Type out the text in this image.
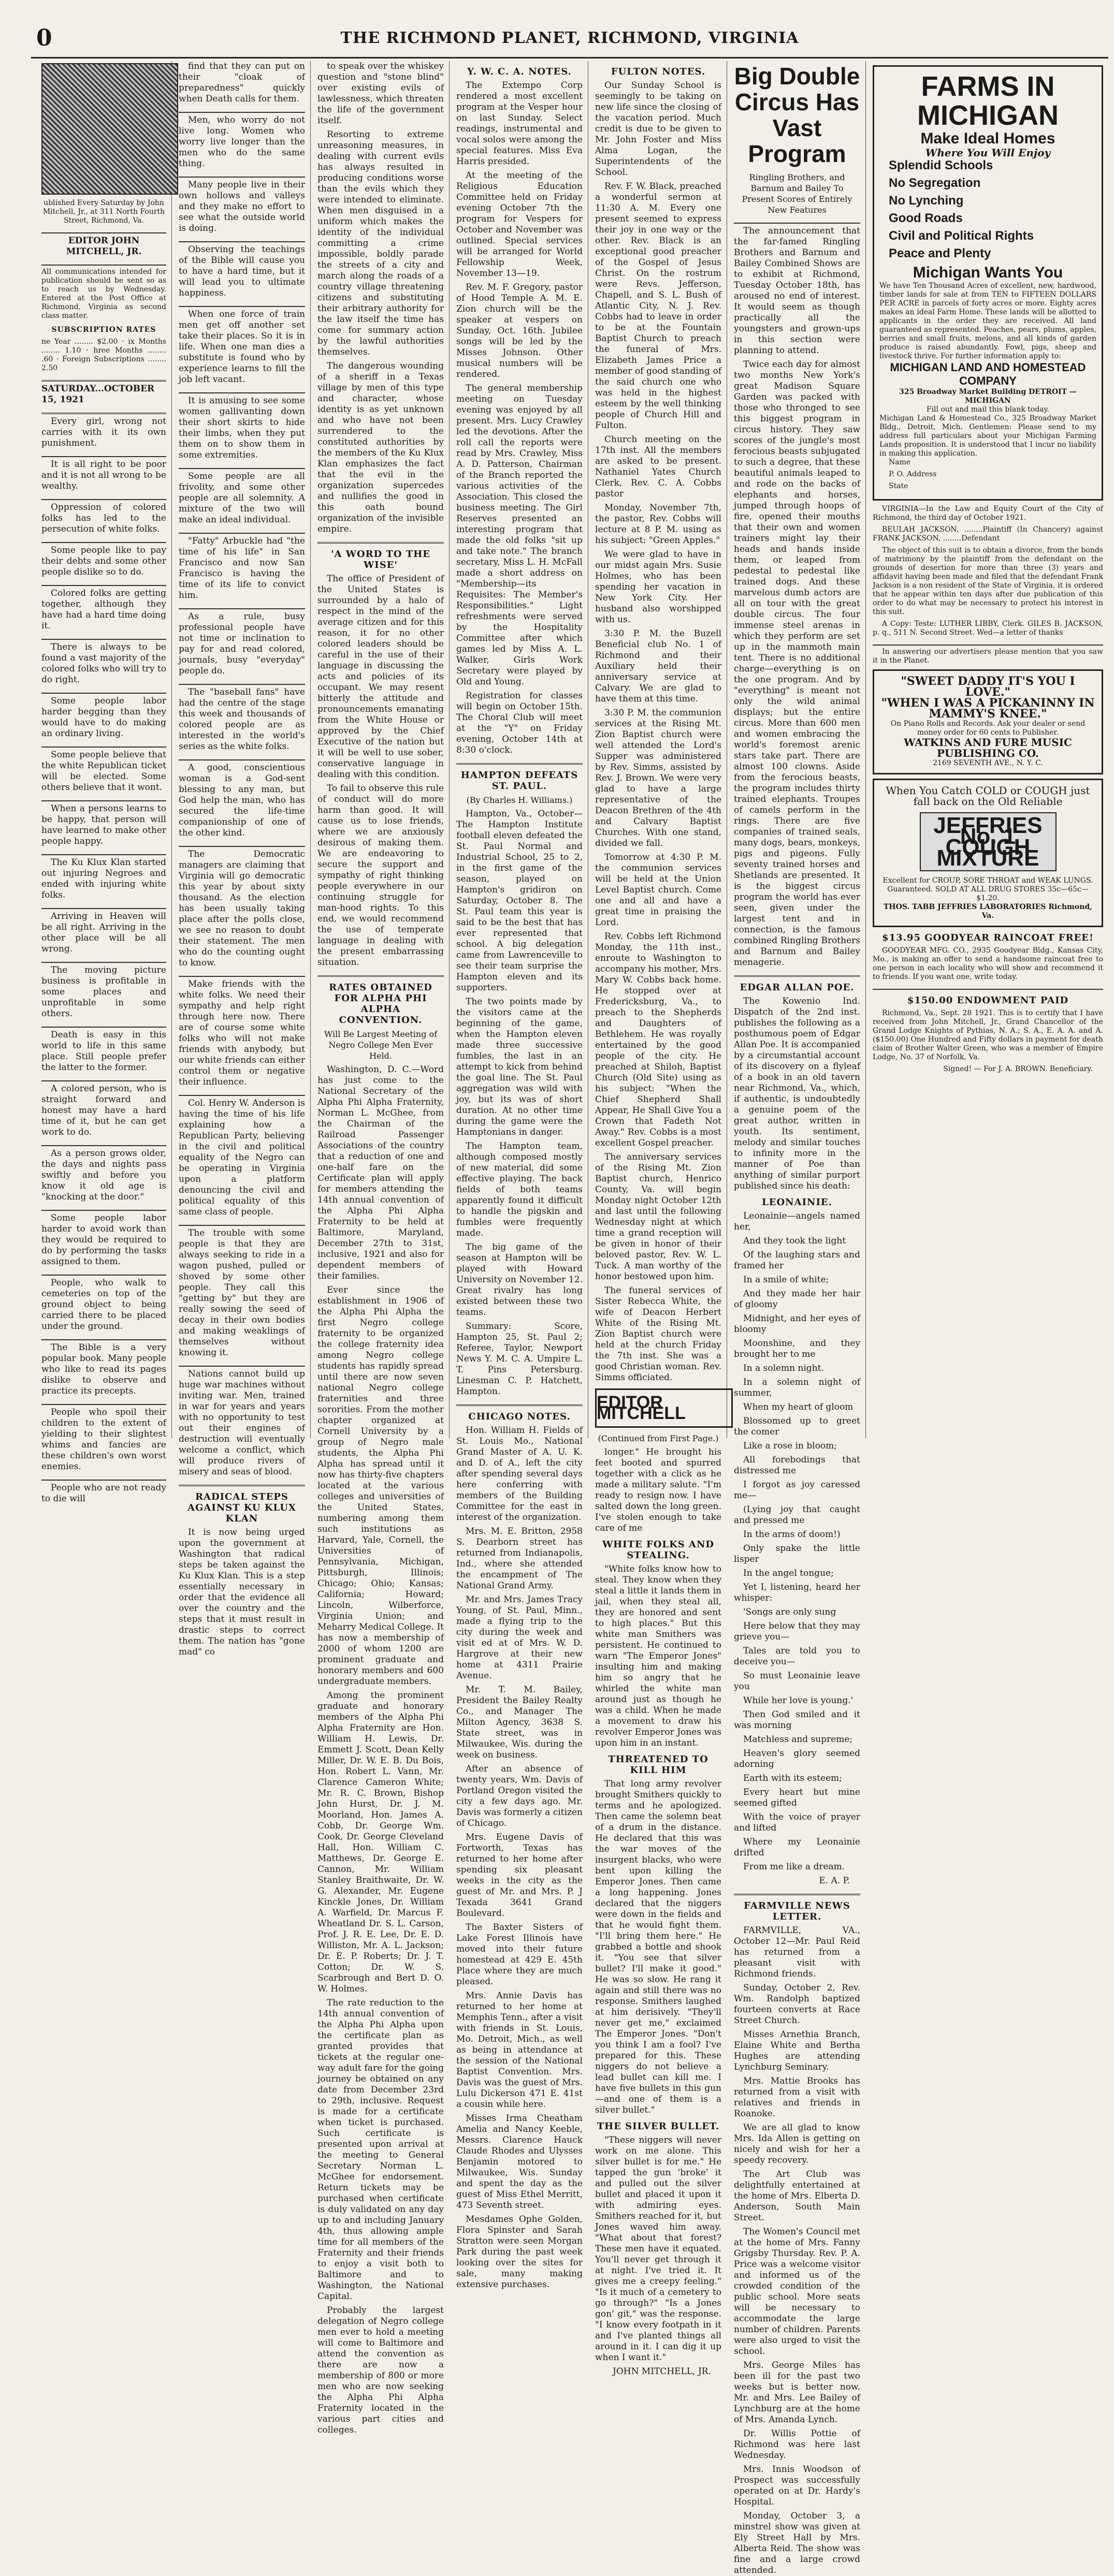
0	THE RICHMOND PLANET, RICHMOND, VIRGINIA
ublished Every Saturday by John Mitchell, Jr., at 311 North Fourth Street, Richmond, Va.
EDITOR JOHN MITCHELL, JR.
All communications intended for publication should be sent so as to reach us by Wednesday. Entered at the Post Office at Richmond, Virginia as second class matter.
SUBSCRIPTION RATES
ne Year ........ $2.00 · ix Months ........ 1.10 · hree Months ........ .60 · Foreign Subscriptions ........ 2.50
SATURDAY...OCTOBER 15, 1921

Every girl, wrong not carries with it its own punishment.

It is all right to be poor and it is not all wrong to be wealthy.

Oppression of colored folks has led to the persecution of white folks.

Some people like to pay their debts and some other people dislike so to do.

Colored folks are getting together, although they have had a hard time doing it.

There is always to be found a vast majority of the colored folks who will try to do right.

Some people labor harder begging than they would have to do making an ordinary living.

Some people believe that the white Republican ticket will be elected. Some others believe that it wont.

When a persons learns to be happy, that person will have learned to make other people happy.

The Ku Klux Klan started out injuring Negroes and ended with injuring white folks.

Arriving in Heaven will be all right. Arriving in the other place will be all wrong.

The moving picture business is profitable in some places and unprofitable in some others.

Death is easy in this world to life in this same place. Still people prefer the latter to the former.

A colored person, who is straight forward and honest may have a hard time of it, but he can get work to do.

As a person grows older, the days and nights pass swiftly and before you know it old age is "knocking at the door."

Some people labor harder to avoid work than they would be required to do by performing the tasks assigned to them.

People, who walk to cemeteries on top of the ground object to being carried there to be placed under the ground.

The Bible is a very popular book. Many people who like to read its pages dislike to observe and practice its precepts.

People who spoil their children to the extent of yielding to their slightest whims and fancies are these children's own worst enemies.

People who are not ready to die will

find that they can put on their "cloak of preparedness" quickly when Death calls for them.

Men, who worry do not live long. Women who worry live longer than the men who do the same thing.

Many people live in their own hollows and valleys and they make no effort to see what the outside world is doing.

Observing the teachings of the Bible will cause you to have a hard time, but it will lead you to ultimate happiness.

When one force of train men get off another set take their places. So it is in life. When one man dies a substitute is found who by experience learns to fill the job left vacant.

It is amusing to see some women gallivanting down their short skirts to hide their limbs, when they put them on to show them in some extremities.

Some people are all frivolity, and some other people are all solemnity. A mixture of the two will make an ideal individual.

"Fatty" Arbuckle had "the time of his life" in San Francisco and now San Francisco is having the time of its life to convict him.

As a rule, busy professional people have not time or inclination to pay for and read colored, journals, busy "everyday" people do.

The "baseball fans" have had the centre of the stage this week and thousands of colored people are as interested in the world's series as the white folks.

A good, conscientious woman is a God-sent blessing to any man, but God help the man, who has secured the life-time companionship of one of the other kind.

The Democratic managers are claiming that Virginia will go democratic this year by about sixty thousand. As the election has been usually taking place after the polls close, we see no reason to doubt their statement. The men who do the counting ought to know.

Make friends with the white folks. We need their sympathy and help right through here now. There are of course some white folks who will not make friends with anybody, but our white friends can either control them or negative their influence.

Col. Henry W. Anderson is having the time of his life explaining how a Republican Party, believing in the civil and political equality of the Negro can be operating in Virginia upon a platform denouncing the civil and political equality of this same class of people.

The trouble with some people is that they are always seeking to ride in a wagon pushed, pulled or shoved by some other people. They call this "getting by" but they are really sowing the seed of decay in their own bodies and making weaklings of themselves without knowing it.

Nations cannot build up huge war machines without inviting war. Men, trained in war for years and years with no opportunity to test out their engines of destruction will eventually welcome a conflict, which will produce rivers of misery and seas of blood.

RADICAL STEPS AGAINST KU KLUX KLAN

It is now being urged upon the government at Washington that radical steps be taken against the Ku Klux Klan. This is a step essentially necessary in order that the evidence all over the country and the steps that it must result in drastic steps to correct them. The nation has "gone mad" co

to speak over the whiskey question and "stone blind" over existing evils of lawlessness, which threaten the life of the government itself.

Resorting to extreme unreasoning measures, in dealing with current evils has always resulted in producing conditions worse than the evils which they were intended to eliminate. When men disguised in a uniform which makes the identity of the individual committing a crime impossible, boldly parade the streets of a city and march along the roads of a country village threatening citizens and substituting their arbitrary authority for the law itself the time has come for summary action by the lawful authorities themselves.

The dangerous wounding of a sheriff in a Texas village by men of this type and character, whose identity is as yet unknown and who have not been surrendered to the constituted authorities by the members of the Ku Klux Klan emphasizes the fact that the evil in the organization supercedes and nullifies the good in this oath bound organization of the invisible empire.

'A WORD TO THE WISE'

The office of President of the United States is surrounded by a halo of respect in the mind of the average citizen and for this reason, it for no other colored leaders should be careful in the use of their language in discussing the acts and policies of its occupant. We may resent bitterly the attitude and pronouncements emanating from the White House or approved by the Chief Executive of the nation but it will be well to use sober, conservative language in dealing with this condition.

To fail to observe this rule of conduct will do more harm than good. It will cause us to lose friends, where we are anxiously desirous of making them. We are endeavoring to secure the support and sympathy of right thinking people everywhere in our continuing struggle for man-hood rights. To this end, we would recommend the use of temperate language in dealing with the present embarrassing situation.

RATES OBTAINED FOR ALPHA PHI ALPHA CONVENTION.
Will Be Largest Meeting of Negro College Men Ever Held.

Washington, D. C.—Word has just come to the National Secretary of the Alpha Phi Alpha Fraternity, Norman L. McGhee, from the Chairman of the Railroad Passenger Associations of the country that a reduction of one and one-half fare on the Certificate plan will apply for members attending the 14th annual convention of the Alpha Phi Alpha Fraternity to be held at Baltimore, Maryland, December 27th to 31st, inclusive, 1921 and also for dependent members of their families.

Ever since the establishment in 1906 of the Alpha Phi Alpha the first Negro college fraternity to be organized the college fraternity idea among Negro college students has rapidly spread until there are now seven national Negro college fraternities and three sororities. From the mother chapter organized at Cornell University by a group of Negro male students, the Alpha Phi Alpha has spread until it now has thirty-five chapters located at the various colleges and universities of the United States, numbering among them such institutions as Harvard, Yale, Cornell, the Universities of Pennsylvania, Michigan, Pittsburgh, Illinois; Chicago; Ohio; Kansas; California; Howard; Lincoln, Wilberforce, Virginia Union; and Meharry Medical College. It has now a membership of 2000 of whom 1200 are prominent graduate and honorary members and 600 undergraduate members.

Among the prominent graduate and honorary members of the Alpha Phi Alpha Fraternity are Hon. William H. Lewis, Dr. Emmett J. Scott, Dean Kelly Miller, Dr. W. E. B. Du Bois, Hon. Robert L. Vann, Mr. Clarence Cameron White; Mr. R. C. Brown, Bishop John Hurst, Dr. J. M. Moorland, Hon. James A. Cobb, Dr. George Wm. Cook, Dr. George Cleveland Hall, Hon. William C. Matthews, Dr. George E. Cannon, Mr. William Stanley Braithwaite, Dr. W. G. Alexander, Mr. Eugene Kinckle Jones, Dr. William A. Warfield, Dr. Marcus F. Wheatland Dr. S. L. Carson, Prof. J. R. E. Lee, Dr. E. D. Williston, Mr. A. L. Jackson; Dr. E. P. Roberts; Dr. J. T. Cotton; Dr. W. S. Scarbrough and Bert D. O. W. Holmes.

The rate reduction to the 14th annual convention of the Alpha Phi Alpha upon the certificate plan as granted provides that tickets at the regular one-way adult fare for the going journey be obtained on any date from December 23rd to 29th, inclusive. Request is made for a certificate when ticket is purchased. Such certificate is presented upon arrival at the meeting to General Secretary Norman L. McGhee for endorsement. Return tickets may be purchased when certificate is duly validated on any day up to and including January 4th, thus allowing ample time for all members of the Fraternity and their friends to enjoy a visit both to Baltimore and to Washington, the National Capital.

Probably the largest delegation of Negro college men ever to hold a meeting will come to Baltimore and attend the convention as there are now a membership of 800 or more men who are now seeking the Alpha Phi Alpha Fraternity located in the various part cities and colleges.

Y. W. C. A. NOTES.

The Extempo Corp rendered a most excellent program at the Vesper hour on last Sunday. Select readings, instrumental and vocal solos were among the special features. Miss Eva Harris presided.

At the meeting of the Religious Education Committee held on Friday evening October 7th the program for Vespers for October and November was outlined. Special services will be arranged for World Fellowship Week, November 13—19.

Rev. M. F. Gregory, pastor of Hood Temple A. M. E. Zion church will be the speaker at vespers on Sunday, Oct. 16th. Jubilee songs will be led by the Misses Johnson. Other musical numbers will be rendered.

The general membership meeting on Tuesday evening was enjoyed by all present. Mrs. Lucy Crawley led the devotions. After the roll call the reports were read by Mrs. Crawley, Miss A. D. Patterson, Chairman of the Branch reported the various activities of the Association. This closed the business meeting. The Girl Reserves presented an interesting program that made the old folks "sit up and take note." The branch secretary, Miss L. H. McFall made a short address on "Membership—its Requisites: The Member's Responsibilities." Light refreshments were served by the Hospitality Committee after which games led by Miss A. L. Walker, Girls Work Secretary were played by Old and Young.

Registration for classes will begin on October 15th. The Choral Club will meet at the "Y" on Friday evening, October 14th at 8:30 o'clock.

HAMPTON DEFEATS ST. PAUL.
(By Charles H. Williams.)

Hampton, Va., October—The Hampton Institute football eleven defeated the St. Paul Normal and Industrial School, 25 to 2, in the first game of the season, played on Hampton's gridiron on Saturday, October 8. The St. Paul team this year is said to be the best that has ever represented that school. A big delegation came from Lawrenceville to see their team surprise the Hampton eleven and its supporters.

The two points made by the visitors came at the beginning of the game, when the Hampton eleven made three successive fumbles, the last in an attempt to kick from behind the goal line. The St. Paul aggregation was wild with joy, but its was of short duration. At no other time during the game were the Hamptonians in danger.

The Hampton team, although composed mostly of new material, did some effective playing. The back fields of both teams apparently found it difficult to handle the pigskin and fumbles were frequently made.

The big game of the season at Hampton will be played with Howard University on November 12. Great rivalry has long existed between these two teams.

Summary: Score, Hampton 25, St. Paul 2; Referee, Taylor, Newport News Y. M. C. A. Umpire L. T. Pins Petersburg. Linesman C. P. Hatchett, Hampton.

CHICAGO NOTES.

Hon. William H. Fields of St. Louis Mo., National Grand Master of A. U. K. and D. of A., left the city after spending several days here conferring with members of the Building Committee for the east in interest of the organization.

Mrs. M. E. Britton, 2958 S. Dearborn street has returned from Indianapolis, Ind., where she attended the encampment of The National Grand Army.

Mr. and Mrs. James Tracy Young, of St. Paul, Minn., made a flying trip to the city during the week and visit ed at of Mrs. W. D. Hargrove at their new home at 4311 Prairie Avenue.

Mr. T. M. Bailey, President the Bailey Realty Co., and Manager The Milton Agency, 3638 S. State street, was in Milwaukee, Wis. during the week on business.

After an absence of twenty years, Wm. Davis of Portland Oregon visited the city a few days ago. Mr. Davis was formerly a citizen of Chicago.

Mrs. Eugene Davis of Fortworth, Texas has returned to her home after spending six pleasant weeks in the city as the guest of Mr. and Mrs. P. J Texada 3641 Grand Boulevard.

The Baxter Sisters of Lake Forest Illinois have moved into their future homestead at 429 E. 45th Place where they are much pleased.

Mrs. Annie Davis has returned to her home at Memphis Tenn., after a visit with friends in St. Louis, Mo. Detroit, Mich., as well as being in attendance at the session of the National Baptist Convention. Mrs. Davis was the guest of Mrs. Lulu Dickerson 471 E. 41st a cousin while here.

Misses Irma Cheatham Amelia and Nancy Keeble, Messrs. Clarence Hauck Claude Rhodes and Ulysses Benjamin motored to Milwaukee, Wis. Sunday and spent the day as the guest of Miss Ethel Merritt, 473 Seventh street.

Mesdames Ophe Golden, Flora Spinster and Sarah Stratton were seen Morgan Park during the past week looking over the sites for sale, many making extensive purchases.

FULTON NOTES.

Our Sunday School is seemingly to be taking on new life since the closing of the vacation period. Much credit is due to be given to Mr. John Foster and Miss Alma Logan, the Superintendents of the School.

Rev. F. W. Black, preached a wonderful sermon at 11:30 A. M. Every one present seemed to express their joy in one way or the other. Rev. Black is an exceptional good preacher of the Gospel of Jesus Christ. On the rostrum were Revs. Jefferson, Chapell, and S. L. Bush of Atlantic City, N. J. Rev. Cobbs had to leave in order to be at the Fountain Baptist Church to preach the funeral of Mrs. Elizabeth James Price a member of good standing of the said church one who was held in the highest esteem by the well thinking people of Church Hill and Fulton.

Church meeting on the 17th inst. All the members are asked to be present. Nathaniel Yates Church Clerk, Rev. C. A. Cobbs pastor

Monday, November 7th, the pastor, Rev. Cobbs will lecture at 8 P. M. using as his subject: "Green Apples."

We were glad to have in our midst again Mrs. Susie Holmes, who has been spending her vacation in New York City. Her husband also worshipped with us.

3:30 P. M. the Buzell Beneficial club No. 1 of Richmond and their Auxiliary held their anniversary service at Calvary. We are glad to have them at this time.

3:30 P. M. the communion services at the Rising Mt. Zion Baptist church were well attended the Lord's Supper was administered by Rev. Simms, assisted by Rev. J. Brown. We were very glad to have a large representative of the Deacon Brethren of the 4th and Calvary Baptist Churches. With one stand, divided we fall.

Tomorrow at 4:30 P. M. the communion services will be held at the Union Level Baptist church. Come one and all and have a great time in praising the Lord.

Rev. Cobbs left Richmond Monday, the 11th inst., enroute to Washington to accompany his mother, Mrs. Mary W. Cobbs back home. He stopped over at Fredericksburg, Va., to preach to the Shepherds and Daughters of Bethlehem. He was royally entertained by the good people of the city. He preached at Shiloh, Baptist Church (Old Site) using as his subject: "When the Chief Shepherd Shall Appear, He Shall Give You a Crown that Fadeth Not Away." Rev. Cobbs is a most excellent Gospel preacher.

The anniversary services of the Rising Mt. Zion Baptist church, Henrico County, Va. will begin Monday night October 12th and last until the following Wednesday night at which time a grand reception will be given in honor of their beloved pastor, Rev. W. L. Tuck. A man worthy of the honor bestowed upon him.

The funeral services of Sister Rebecca White, the wife of Deacon Herbert White of the Rising Mt. Zion Baptist church were held at the church Friday the 7th inst. She was a good Christian woman. Rev. Simms officiated.

EDITOR MITCHELL
(Continued from First Page.)

longer." He brought his feet booted and spurred together with a click as he made a military salute. "I'm ready to resign now. I have salted down the long green. I've stolen enough to take care of me

WHITE FOLKS AND STEALING.

"White folks know how to steal. They know when they steal a little it lands them in jail, when they steal all, they are honored and sent to high places." But this white man Smithers was persistent. He continued to warn "The Emperor Jones" insulting him and making him so angry that he whirled the white man around just as though he was a child. When he made a movement to draw his revolver Emperor Jones was upon him in an instant.

THREATENED TO KILL HIM

That long army revolver brought Smithers quickly to terms and he apologized. Then came the solemn beat of a drum in the distance. He declared that this was the war moves of the insurgent blacks, who were bent upon killing the Emperor Jones. Then came a long happening. Jones declared that the niggers were down in the fields and that he would fight them. "I'll bring them here." He grabbed a bottle and shook it. "You see that silver bullet? I'll make it good." He was so slow. He rang it again and still there was no response. Smithers laughed at him derisively. "They'll never get me," exclaimed The Emperor Jones. "Don't you think I am a fool? I've prepared for this. These niggers do not believe a lead bullet can kill me. I have five bullets in this gun—and one of them is a silver bullet."

THE SILVER BULLET.

"These niggers will never work on me alone. This silver bullet is for me." He tapped the gun 'broke' it and pulled out the silver bullet and placed it upon it with admiring eyes. Smithers reached for it, but Jones waved him away. "What about that forest? These men have it equated. You'll never get through it at night. I've tried it. It gives me a creepy feeling." "Is it much of a cemetery to go through?" "Is a Jones gon' git," was the response. "I know every footpath in it and I've planted things all around in it. I can dig it up when I want it."

JOHN MITCHELL, JR.
Big Double Circus Has Vast Program
Ringling Brothers, and Barnum and Bailey To Present Scores of Entirely New Features

The announcement that the far-famed Ringling Brothers and Barnum and Bailey Combined Shows are to exhibit at Richmond, Tuesday October 18th, has aroused no end of interest. It would seem as though practically all the youngsters and grown-ups in this section were planning to attend.

Twice each day for almost two months New York's great Madison Square Garden was packed with those who thronged to see this biggest program in circus history. They saw scores of the jungle's most ferocious beasts subjugated to such a degree, that these beautiful animals leaped to and rode on the backs of elephants and horses, jumped through hoops of fire, opened their mouths that their own and women trainers might lay their heads and hands inside them, or leaped from pedestal to pedestal like trained dogs. And these marvelous dumb actors are all on tour with the great double circus. The four immense steel arenas in which they perform are set up in the mammoth main tent. There is no additional charge—everything is on the one program. And by "everything" is meant not only the wild animal displays; but the entire circus. More than 600 men and women embracing the world's foremost arenic stars take part. There are almost 100 clowns. Aside from the ferocious beasts, the program includes thirty trained elephants. Troupes of camels perform in the rings. There are five companies of trained seals, many dogs, bears, monkeys, pigs and pigeons. Fully seventy trained horses and Shetlands are presented. It is the biggest circus program the world has ever seen, given under the largest tent and in connection, is the famous combined Ringling Brothers and Barnum and Bailey menagerie.

EDGAR ALLAN POE.

The Kowenio Ind. Dispatch of the 2nd inst. publishes the following as a posthumous poem of Edgar Allan Poe. It is accompanied by a circumstantial account of its discovery on a flyleaf of a book in an old tavern near Richmond, Va., which, if authentic, is undoubtedly a genuine poem of the great author, written in youth. Its sentiment, melody and similar touches to infinity more in the manner of Poe than anything of similar purport published since his death:

LEONAINIE.

Leonainie—angels named her,

And they took the light

Of the laughing stars and framed her

In a smile of white;

And they made her hair of gloomy

Midnight, and her eyes of bloomy

Moonshine, and they brought her to me

In a solemn night.

In a solemn night of summer,

When my heart of gloom

Blossomed up to greet the comer

Like a rose in bloom;

All forebodings that distressed me

I forgot as joy caressed me—

(Lying joy that caught and pressed me

In the arms of doom!)

Only spake the little lisper

In the angel tongue;

Yet I, listening, heard her whisper:

'Songs are only sung

Here below that they may grieve you—

Tales are told you to deceive you—

So must Leonainie leave you

While her love is young.'

Then God smiled and it was morning

Matchless and supreme;

Heaven's glory seemed adorning

Earth with its esteem;

Every heart but mine seemed gifted

With the voice of prayer and lifted

Where my Leonainie drifted

From me like a dream.

E. A. P.
FARMVILLE NEWS LETTER.

FARMVILLE, VA., October 12—Mr. Paul Reid has returned from a pleasant visit with Richmond friends.

Sunday, October 2, Rev. Wm. Randolph baptized fourteen converts at Race Street Church.

Misses Arnethia Branch, Elaine White and Bertha Hughes are attending Lynchburg Seminary.

Mrs. Mattie Brooks has returned from a visit with relatives and friends in Roanoke.

We are all glad to know Mrs. Ida Allen is getting on nicely and wish for her a speedy recovery.

The Art Club was delightfully entertained at the home of Mrs. Elberta D. Anderson, South Main Street.

The Women's Council met at the home of Mrs. Fanny Grigsby Thursday. Rev. P. A. Price was a welcome visitor and informed us of the crowded condition of the public school. More seats will be necessary to accommodate the large number of children. Parents were also urged to visit the school.

Mrs. George Miles has been ill for the past two weeks but is better now. Mr. and Mrs. Lee Bailey of Lynchburg are at the home of Mrs. Amanda Lynch.

Dr. Willis Pottie of Richmond was here last Wednesday.

Mrs. Innis Woodson of Prospect was successfully operated on at Dr. Hardy's Hospital.

Monday, October 3, a minstrel show was given at Ely Street Hall by Mrs. Alberta Reid. The show was fine and a large crowd attended.

FARMS IN MICHIGAN
Make Ideal Homes
Where You Will Enjoy

Splendid Schools

No Segregation

No Lynching

Good Roads

Civil and Political Rights

Peace and Plenty

Michigan Wants You
We have Ten Thousand Acres of excellent, new, hardwood, timber lands for sale at from TEN to FIFTEEN DOLLARS PER ACRE in parcels of forty acres or more. Eighty acres makes an ideal Farm Home. These lands will be allotted to applicants in the order they are received. All land guaranteed as represented. Peaches, pears, plums, apples, berries and small fruits, melons, and all kinds of garden produce is raised abundantly. Fowl, pigs, sheep and livestock thrive. For further information apply to:
MICHIGAN LAND AND HOMESTEAD COMPANY
325 Broadway Market Building DETROIT — MICHIGAN
Fill out and mail this blank today.
Michigan Land & Homestead Co., 325 Broadway Market Bldg., Detroit, Mich. Gentlemen: Please send to my address full particulars about your Michigan Farming Lands proposition. It is understood that I incur no liability in making this application.

Name

P. O. Address

State

VIRGINIA—In the Law and Equity Court of the City of Richmond, the third day of October 1921.

BEULAH JACKSON, ........Plaintiff (In Chancery) against FRANK JACKSON, ........Defendant

The object of this suit is to obtain a divorce, from the bonds of matrimony by the plaintiff from the defendant on the grounds of desertion for more than three (3) years and affidavit having been made and filed that the defendant Frank Jackson is a non resident of the State of Virginia, it is ordered that he appear within ten days after due publication of this order to do what may be necessary to protect his interest in this suit.

A Copy: Teste: LUTHER LIBBY, Clerk. GILES B. JACKSON, p. q., 511 N. Second Street. Wed—a letter of thanks

In answering our advertisers please mention that you saw it in the Planet.

"SWEET DADDY IT'S YOU I LOVE."
"WHEN I WAS A PICKANINNY IN MAMMY'S KNEE."
On Piano Rolls and Records. Ask your dealer or send money order for 60 cents to Publisher.
WATKINS AND FURE MUSIC PUBLISHING CO.
2169 SEVENTH AVE., N. Y. C.
When You Catch COLD or COUGH just fall back on the Old Reliable
JEFFRIES No. 1 COUGH MIXTURE
Excellent for CROUP, SORE THROAT and WEAK LUNGS. Guaranteed. SOLD AT ALL DRUG STORES 35c—65c—$1.20.
THOS. TABB JEFFRIES LABORATORIES Richmond, Va.
$13.95 GOODYEAR RAINCOAT FREE!

GOODYEAR MFG. CO., 2935 Goodyear Bldg., Kansas City, Mo., is making an offer to send a handsome raincoat free to one person in each locality who will show and recommend it to friends. If you want one, write today.

$150.00 ENDOWMENT PAID

Richmond, Va., Sept. 28 1921. This is to certify that I have received from John Mitchell, Jr., Grand Chancellor of the Grand Lodge Knights of Pythias, N. A.; S. A., E. A. A. and A. ($150.00) One Hundred and Fifty dollars in payment for death claim of Brother Walter Green, who was a member of Empire Lodge, No. 37 of Norfolk, Va.

Signed! — For J. A. BROWN. Beneficiary.
